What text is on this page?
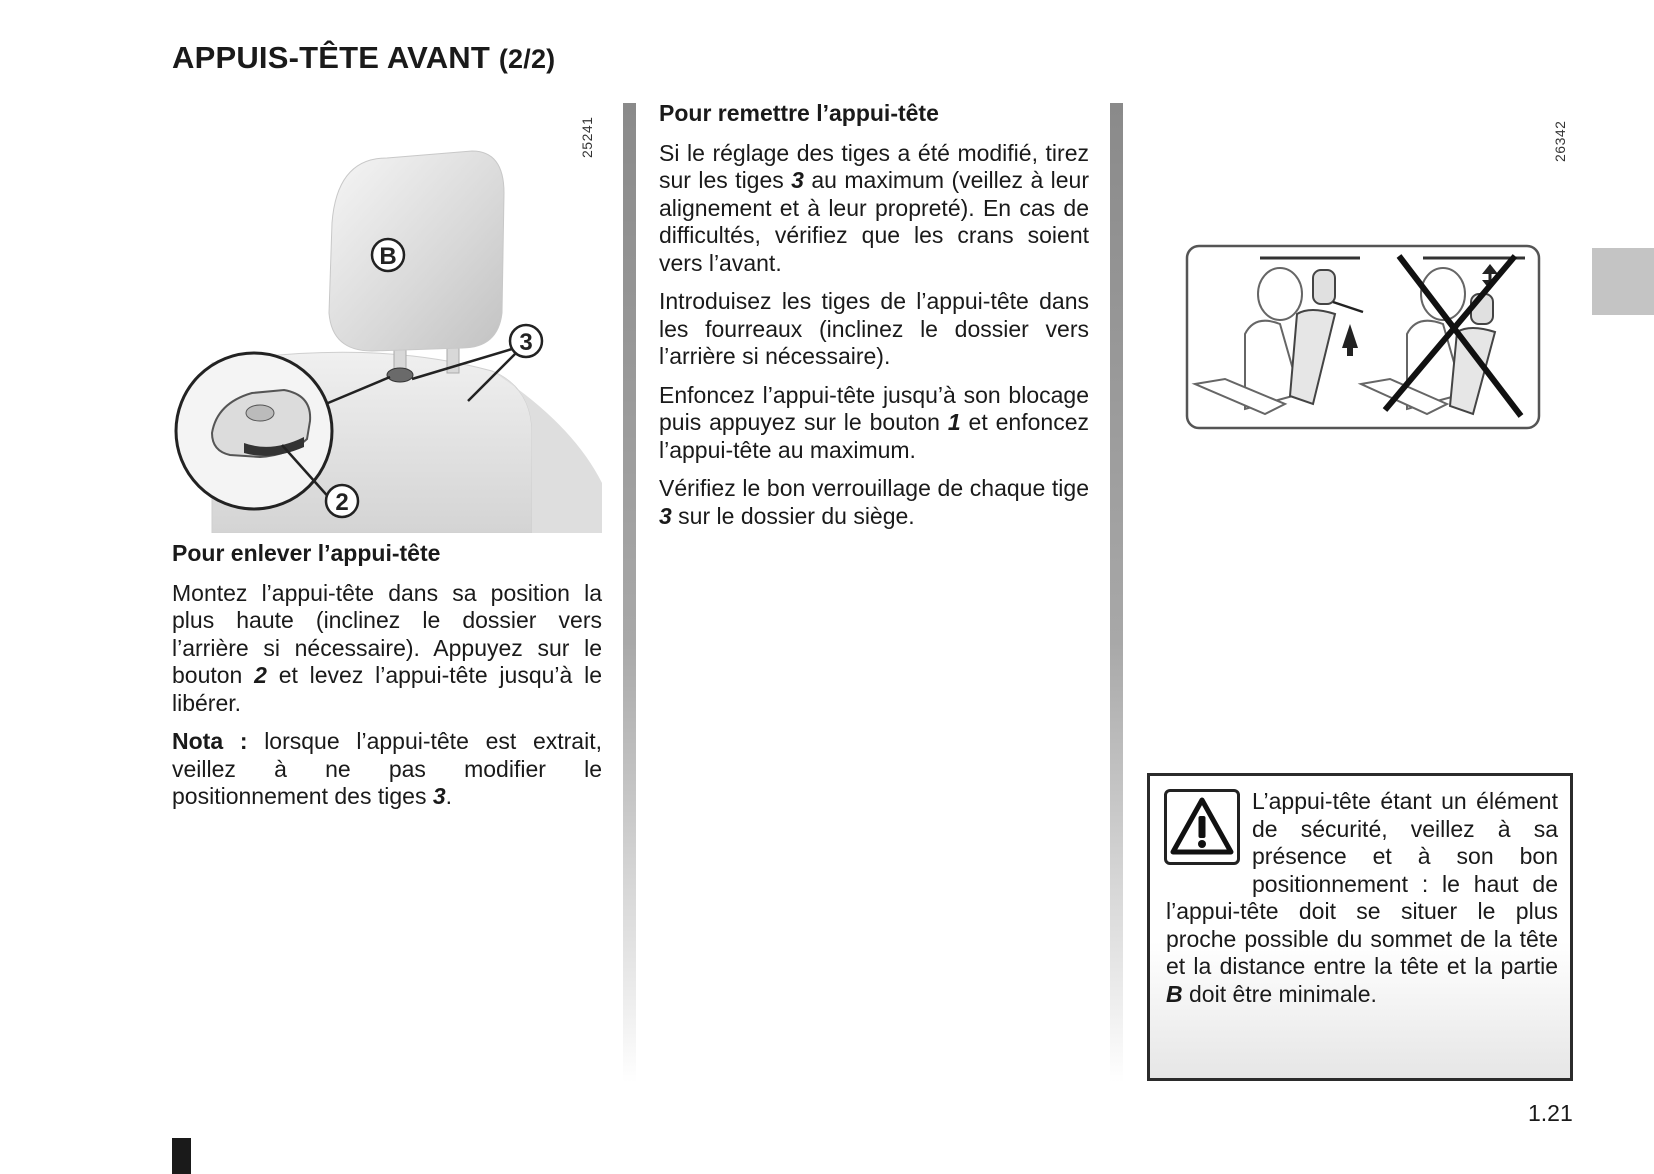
APPUIS-TÊTE AVANT (2/2)
B
3
2
25241
Pour enlever l’appui-tête

Montez l’appui-tête dans sa position la plus haute (inclinez le dossier vers l’arrière si nécessaire). Appuyez sur le bouton 2 et levez l’appui-tête jusqu’à le libérer.

Nota : lorsque l’appui-tête est extrait, veillez à ne pas modifier le positionnement des tiges 3.

Pour remettre l’appui-tête

Si le réglage des tiges a été modifié, tirez sur les tiges 3 au maximum (veillez à leur alignement et à leur propreté). En cas de difficultés, vérifiez que les crans soient vers l’avant.

Introduisez les tiges de l’appui-tête dans les fourreaux (inclinez le dossier vers l’arrière si nécessaire).

Enfoncez l’appui-tête jusqu’à son blocage puis appuyez sur le bouton 1 et enfoncez l’appui-tête au maximum.

Vérifiez le bon verrouillage de chaque tige 3 sur le dossier du siège.

26342

L’appui-tête étant un élément de sécurité, veillez à sa présence et à son bon positionnement : le haut de l’appui-tête doit se situer le plus proche possible du sommet de la tête et la distance entre la tête et la partie B doit être minimale.

1.21
